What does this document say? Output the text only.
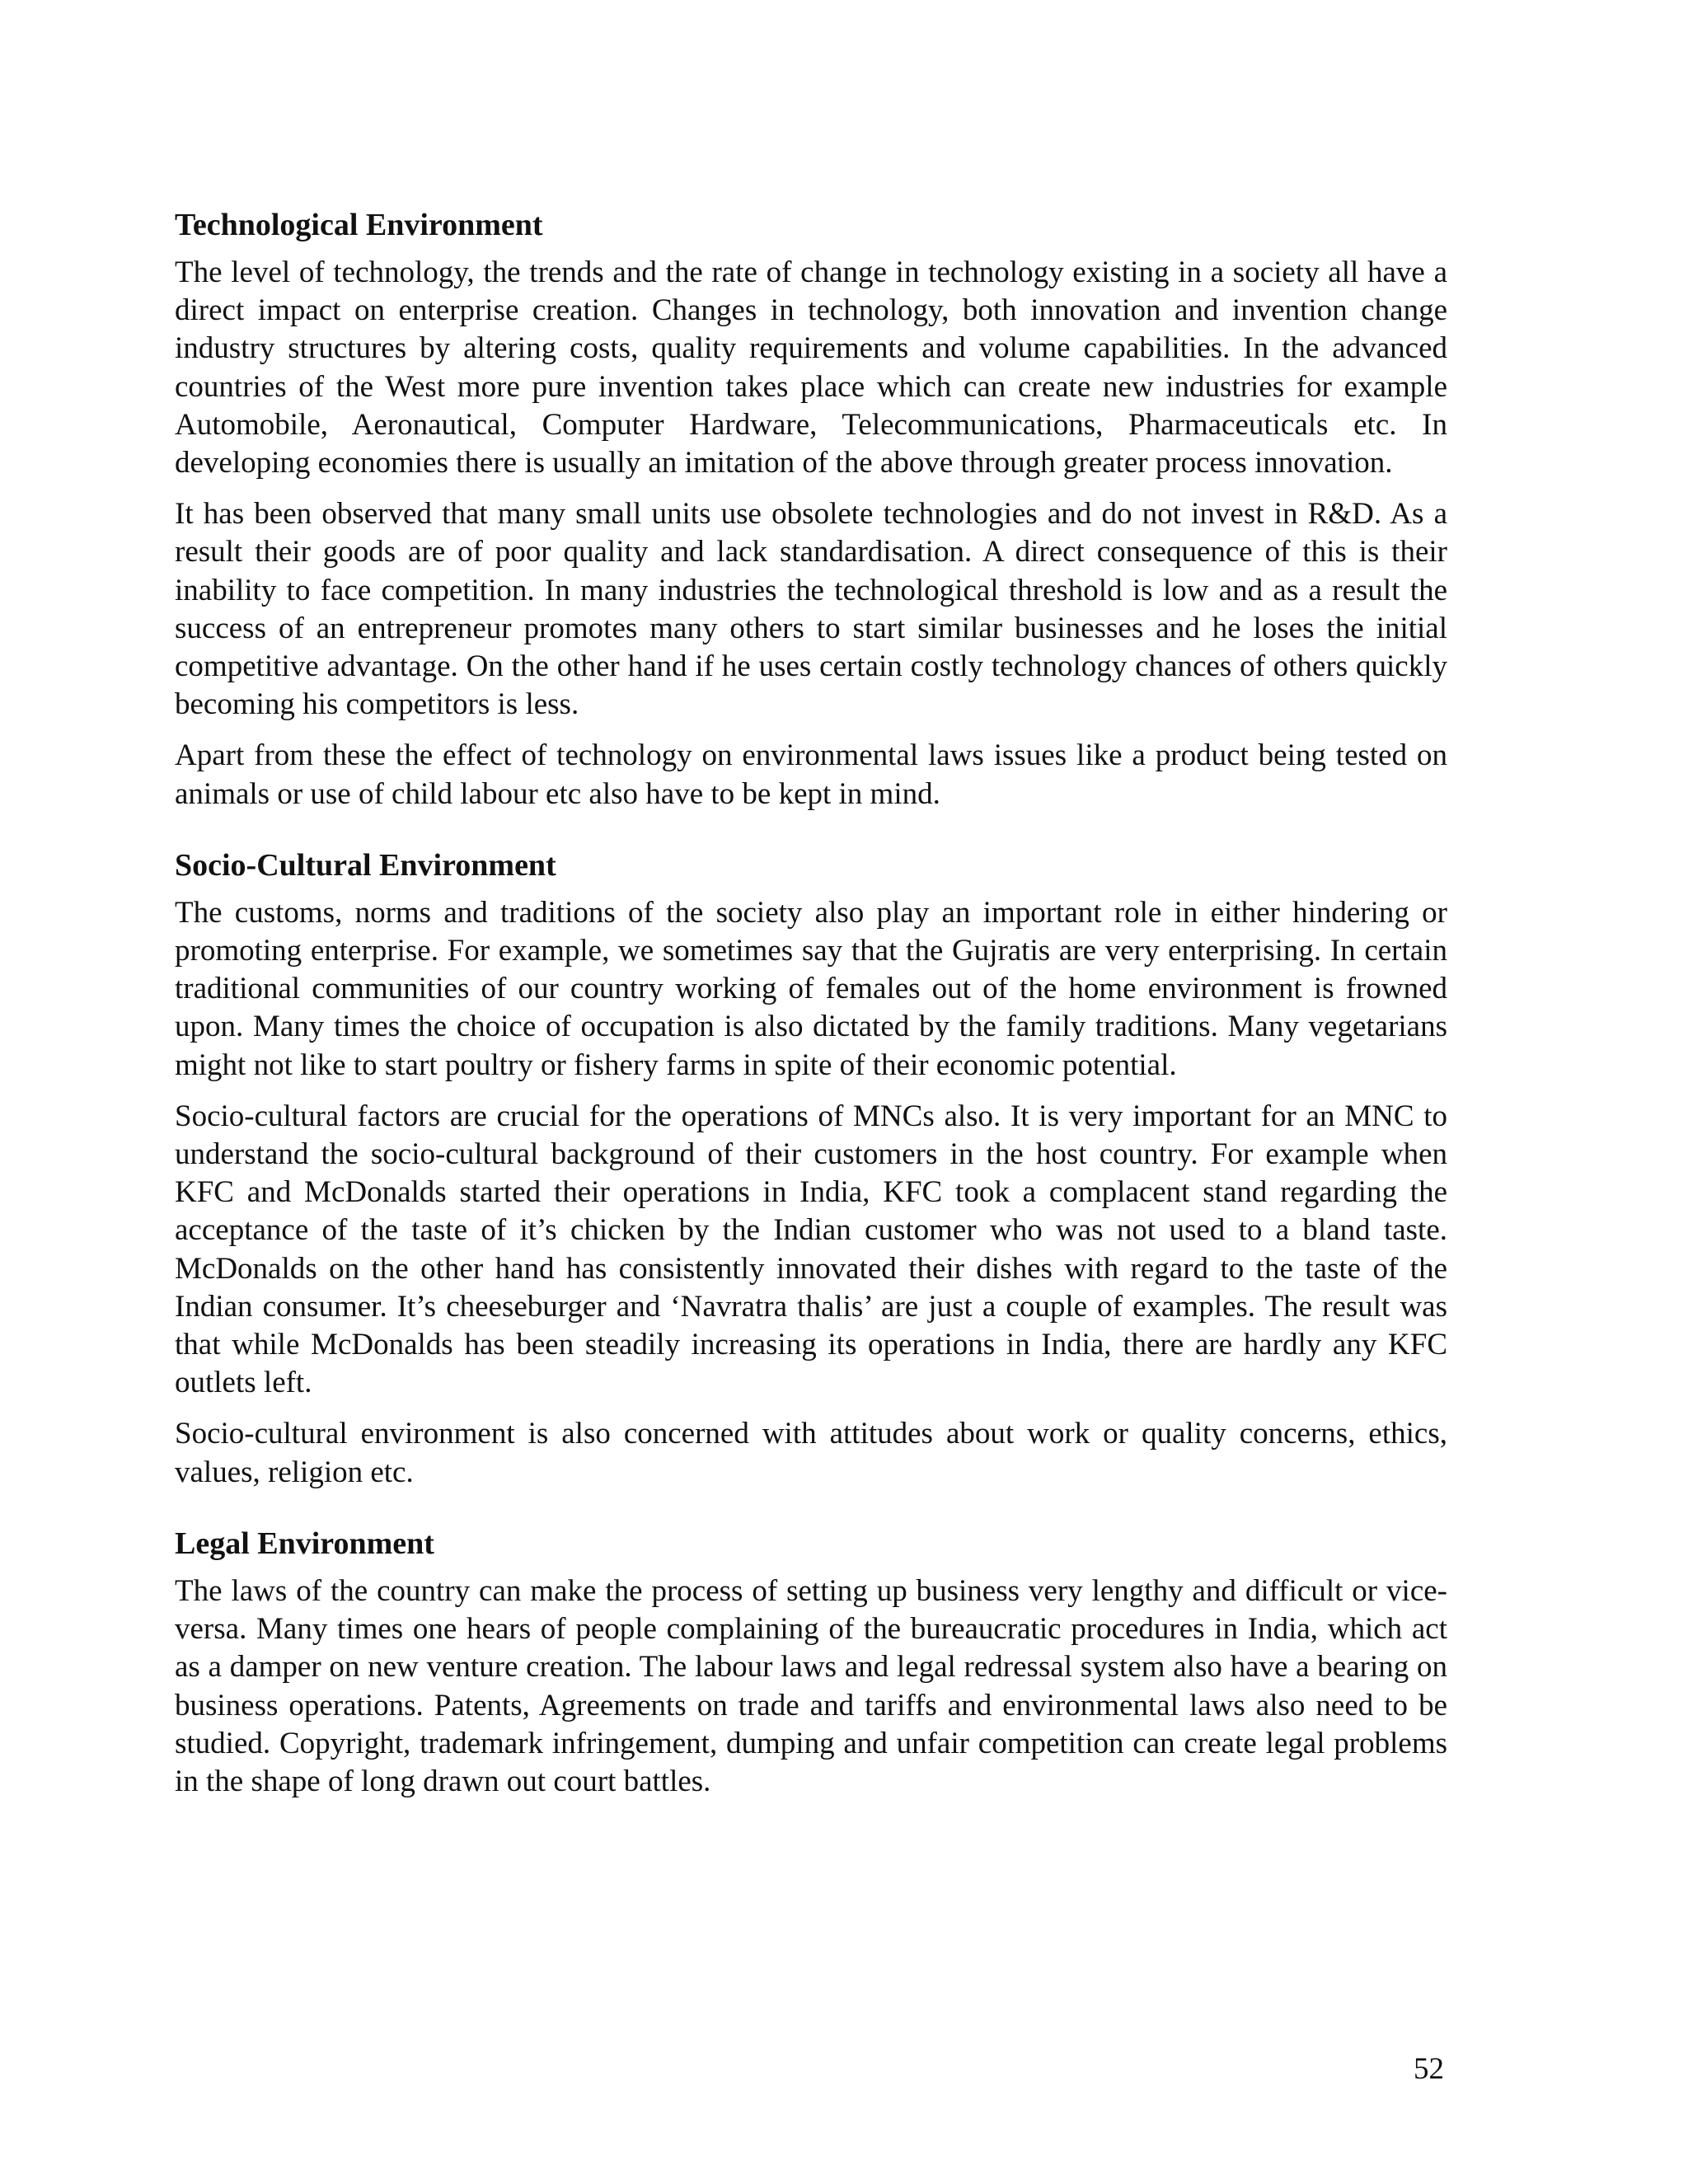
Technological Environment

The level of technology, the trends and the rate of change in technology existing in a society all have a direct impact on enterprise creation. Changes in technology, both innovation and invention change industry structures by altering costs, quality requirements and volume capabilities. In the advanced countries of the West more pure invention takes place which can create new industries for example Automobile, Aeronautical, Computer Hardware, Telecommunications, Pharmaceuticals etc. In developing economies there is usually an imitation of the above through greater process innovation.

It has been observed that many small units use obsolete technologies and do not invest in R&D. As a result their goods are of poor quality and lack standardisation. A direct consequence of this is their inability to face competition. In many industries the technological threshold is low and as a result the success of an entrepreneur promotes many others to start similar businesses and he loses the initial competitive advantage. On the other hand if he uses certain costly technology chances of others quickly becoming his competitors is less.

Apart from these the effect of technology on environmental laws issues like a product being tested on animals or use of child labour etc also have to be kept in mind.

Socio-Cultural Environment

The customs, norms and traditions of the society also play an important role in either hindering or promoting enterprise. For example, we sometimes say that the Gujratis are very enterprising. In certain traditional communities of our country working of females out of the home environment is frowned upon. Many times the choice of occupation is also dictated by the family traditions. Many vegetarians might not like to start poultry or fishery farms in spite of their economic potential.

Socio-cultural factors are crucial for the operations of MNCs also. It is very important for an MNC to understand the socio-cultural background of their customers in the host country. For example when KFC and McDonalds started their operations in India, KFC took a complacent stand regarding the acceptance of the taste of it’s chicken by the Indian customer who was not used to a bland taste. McDonalds on the other hand has consistently innovated their dishes with regard to the taste of the Indian consumer. It’s cheeseburger and ‘Navratra thalis’ are just a couple of examples. The result was that while McDonalds has been steadily increasing its operations in India, there are hardly any KFC outlets left.

Socio-cultural environment is also concerned with attitudes about work or quality concerns, ethics, values, religion etc.

Legal Environment

The laws of the country can make the process of setting up business very lengthy and difficult or vice-versa. Many times one hears of people complaining of the bureaucratic procedures in India, which act as a damper on new venture creation. The labour laws and legal redressal system also have a bearing on business operations. Patents, Agreements on trade and tariffs and environmental laws also need to be studied. Copyright, trademark infringement, dumping and unfair competition can create legal problems in the shape of long drawn out court battles.

52
